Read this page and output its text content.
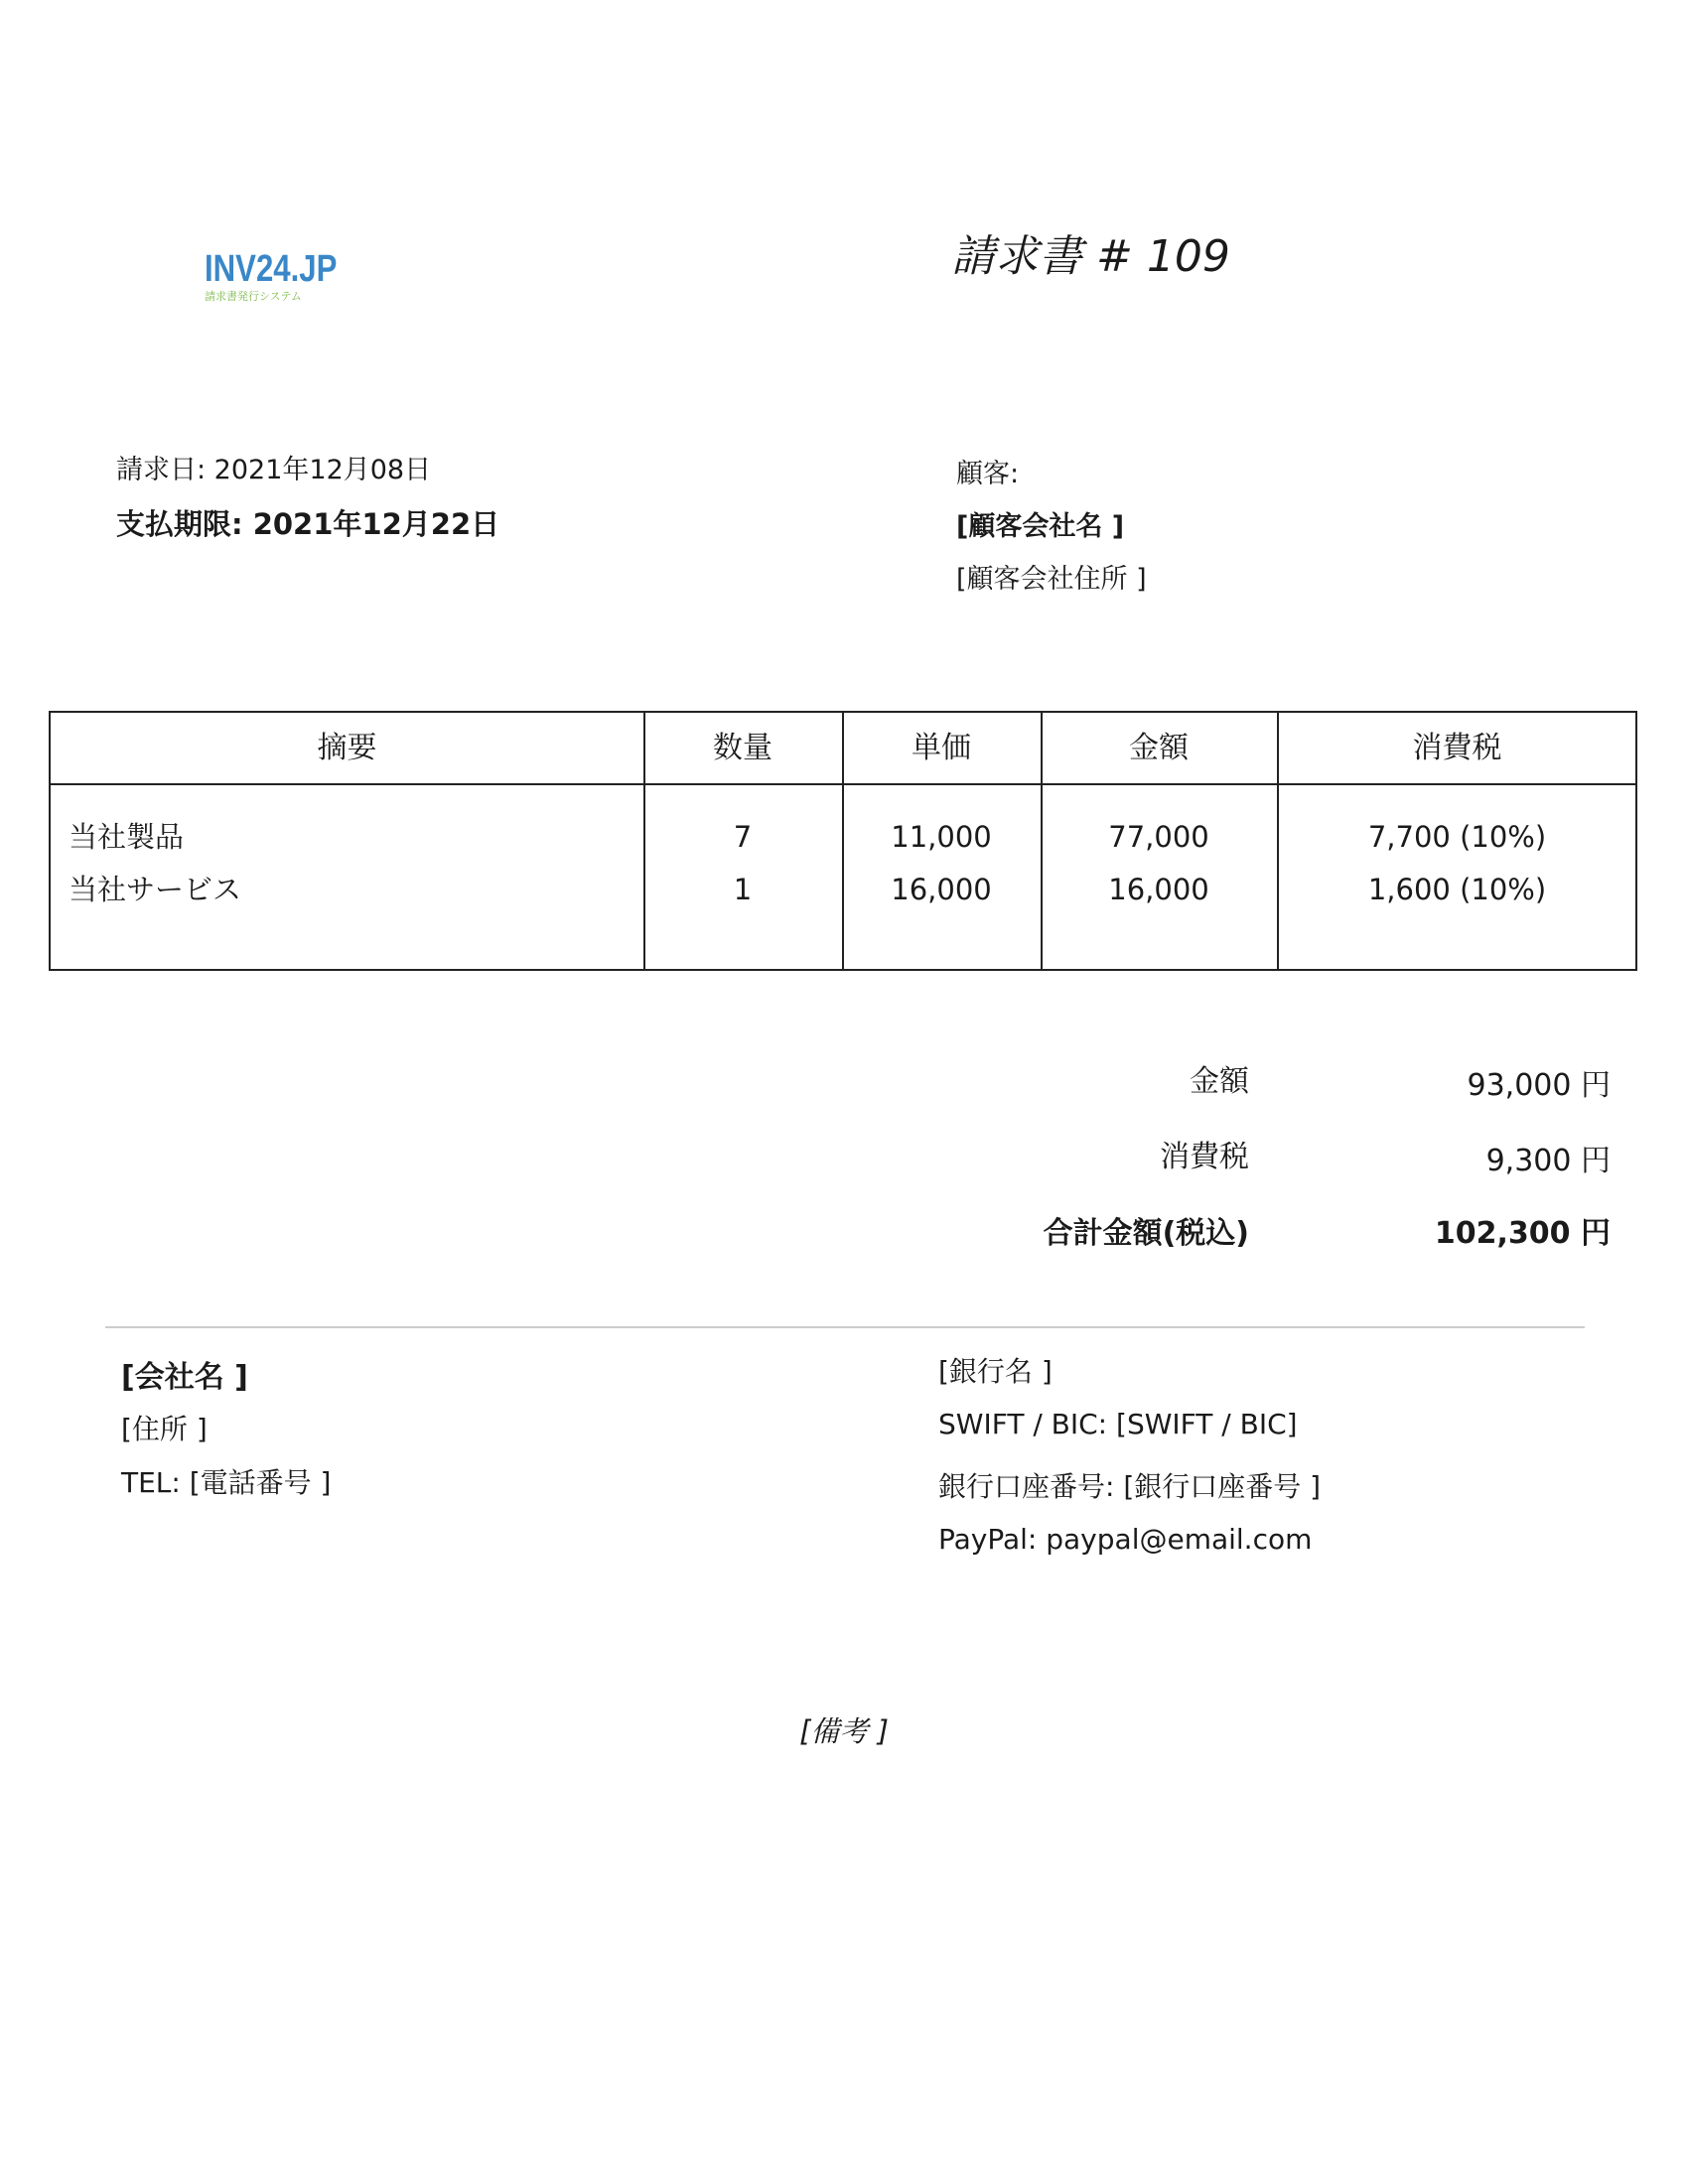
INV24.JP
請求書発行システム
請求書 # 109
請求日: 2021年12月08日
支払期限: 2021年12月22日
顧客:
[顧客会社名 ]
[顧客会社住所 ]
摘要	数量	単価	金額	消費税
当社製品	7	11,000	77,000	7,700 (10%)
当社サービス	1	16,000	16,000	1,600 (10%)
金額	93,000 円
消費税	9,300 円
合計金額(税込)	102,300 円
[会社名 ]
[住所 ]
TEL: [電話番号 ]
[銀行名 ]
SWIFT / BIC: [SWIFT / BIC]
銀行口座番号: [銀行口座番号 ]
PayPal: paypal@email.com
[備考 ]
